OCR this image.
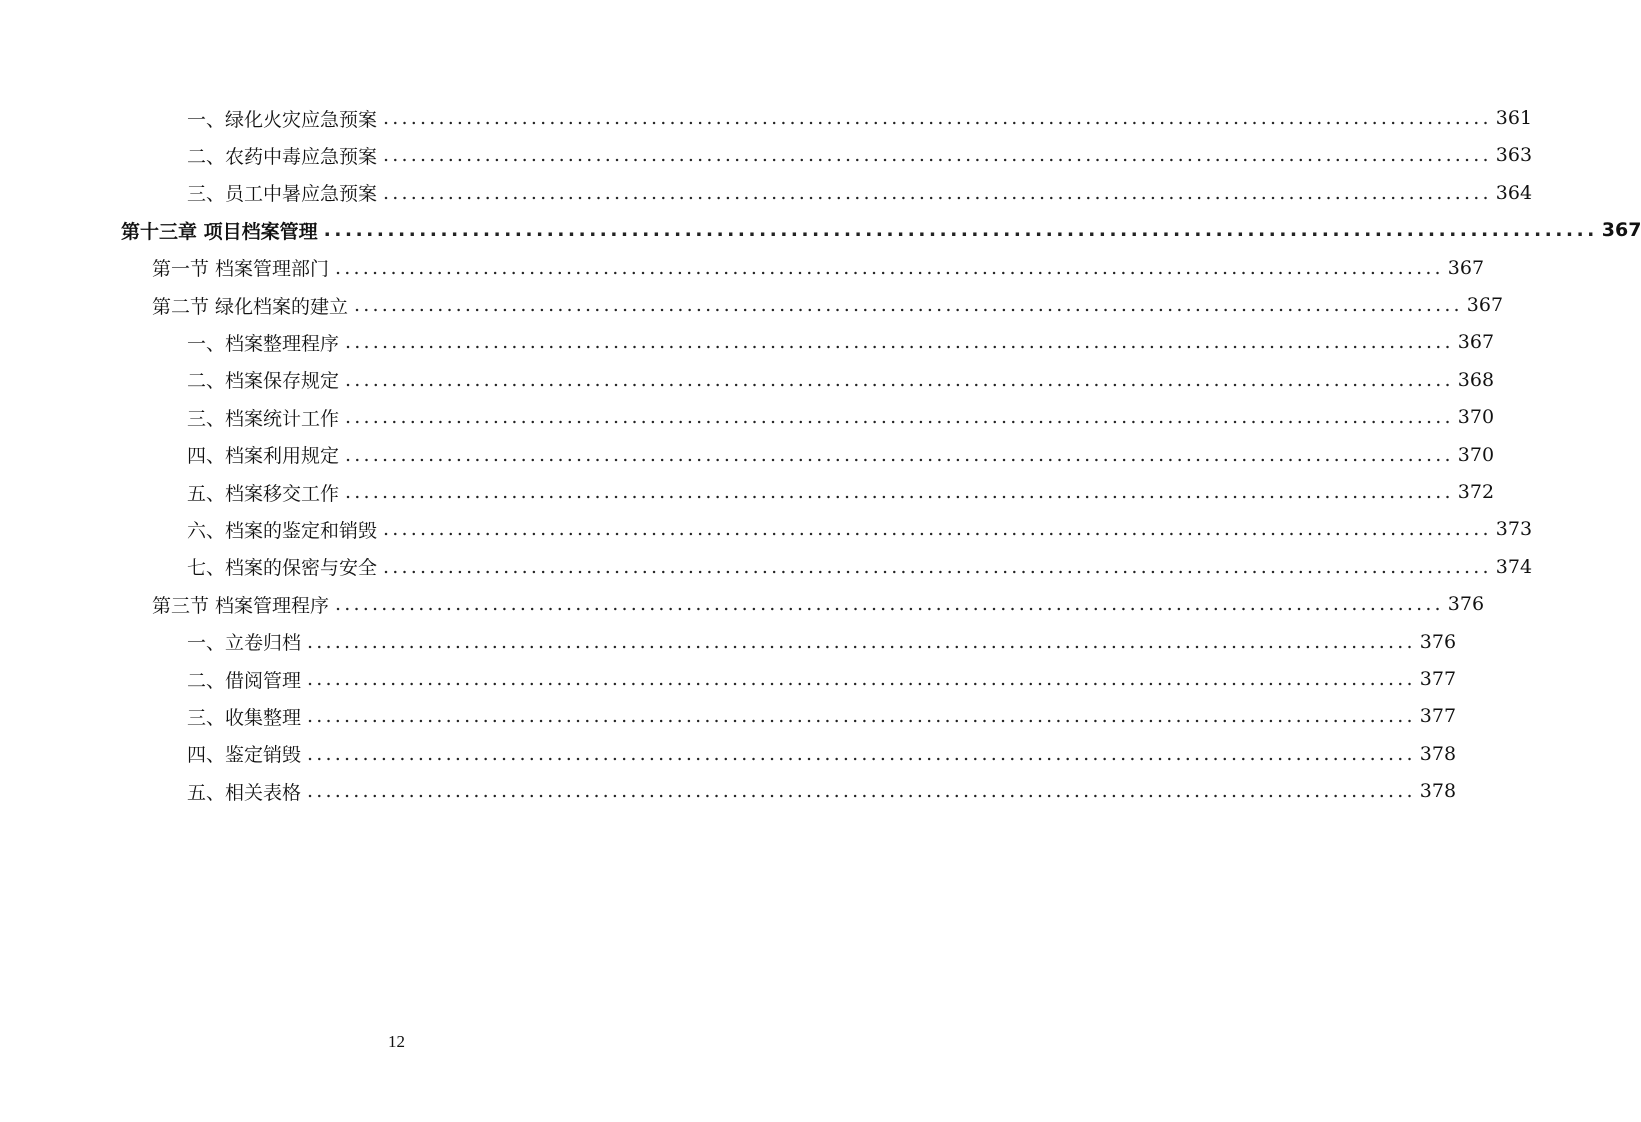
一、绿化火灾应急预案 ........................................................................................................................ 361
二、农药中毒应急预案 ........................................................................................................................ 363
三、员工中暑应急预案 ........................................................................................................................ 364
第十三章 项目档案管理 ........................................................................................................................ 367
第一节 档案管理部门 ........................................................................................................................ 367
第二节 绿化档案的建立 ........................................................................................................................ 367
一、档案整理程序 ........................................................................................................................ 367
二、档案保存规定 ........................................................................................................................ 368
三、档案统计工作 ........................................................................................................................ 370
四、档案利用规定 ........................................................................................................................ 370
五、档案移交工作 ........................................................................................................................ 372
六、档案的鉴定和销毁 ........................................................................................................................ 373
七、档案的保密与安全 ........................................................................................................................ 374
第三节 档案管理程序 ........................................................................................................................ 376
一、立卷归档 ........................................................................................................................ 376
二、借阅管理 ........................................................................................................................ 377
三、收集整理 ........................................................................................................................ 377
四、鉴定销毁 ........................................................................................................................ 378
五、相关表格 ........................................................................................................................ 378
12
